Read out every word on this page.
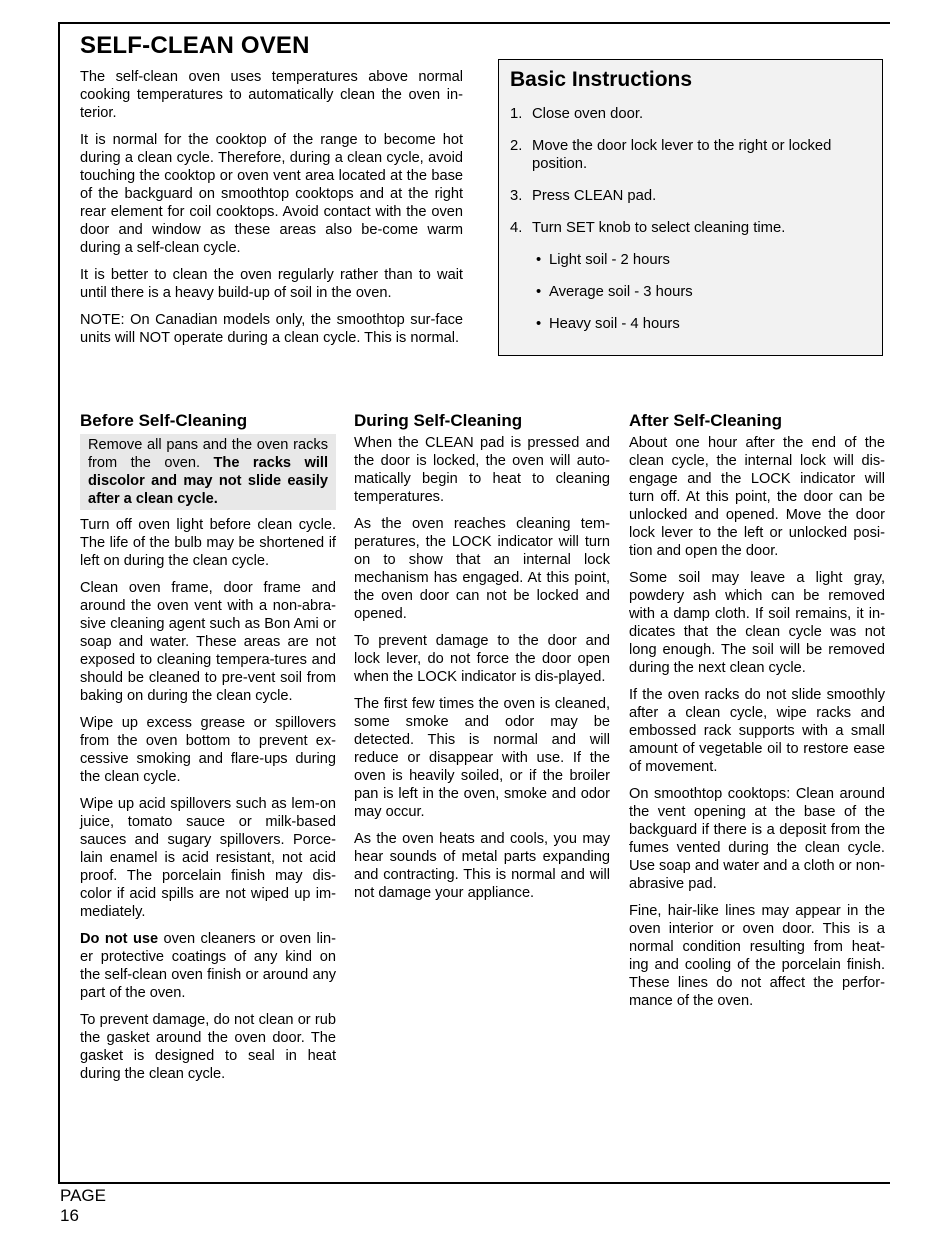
SELF-CLEAN OVEN

The self-clean oven uses temperatures above normal cooking temperatures to automatically clean the oven in-terior.

It is normal for the cooktop of the range to become hot during a clean cycle. Therefore, during a clean cycle, avoid touching the cooktop or oven vent area located at the base of the backguard on smoothtop cooktops and at the right rear element for coil cooktops. Avoid contact with the oven door and window as these areas also be-come warm during a self-clean cycle.

It is better to clean the oven regularly rather than to wait until there is a heavy build-up of soil in the oven.

NOTE: On Canadian models only, the smoothtop sur-face units will NOT operate during a clean cycle. This is normal.

Basic Instructions
1. Close oven door.
2. Move the door lock lever to the right or locked position.
3. Press CLEAN pad.
4. Turn SET knob to select cleaning time.
• Light soil - 2 hours
• Average soil - 3 hours
• Heavy soil - 4 hours
Before Self-Cleaning
Remove all pans and the oven racks from the oven. The racks will discolor and may not slide easily after a clean cycle.

Turn off oven light before clean cycle. The life of the bulb may be shortened if left on during the clean cycle.

Clean oven frame, door frame and around the oven vent with a non-abra-sive cleaning agent such as Bon Ami or soap and water. These areas are not exposed to cleaning tempera-tures and should be cleaned to pre-vent soil from baking on during the clean cycle.

Wipe up excess grease or spillovers from the oven bottom to prevent ex-cessive smoking and flare-ups during the clean cycle.

Wipe up acid spillovers such as lem-on juice, tomato sauce or milk-based sauces and sugary spillovers. Porce-lain enamel is acid resistant, not acid proof. The porcelain finish may dis-color if acid spills are not wiped up im-mediately.

Do not use oven cleaners or oven lin-er protective coatings of any kind on the self-clean oven finish or around any part of the oven.

To prevent damage, do not clean or rub the gasket around the oven door. The gasket is designed to seal in heat during the clean cycle.

During Self-Cleaning

When the CLEAN pad is pressed and the door is locked, the oven will auto-matically begin to heat to cleaning temperatures.

As the oven reaches cleaning tem-peratures, the LOCK indicator will turn on to show that an internal lock mechanism has engaged. At this point, the oven door can not be locked and opened.

To prevent damage to the door and lock lever, do not force the door open when the LOCK indicator is dis-played.

The first few times the oven is cleaned, some smoke and odor may be detected. This is normal and will reduce or disappear with use. If the oven is heavily soiled, or if the broiler pan is left in the oven, smoke and odor may occur.

As the oven heats and cools, you may hear sounds of metal parts expanding and contracting. This is normal and will not damage your appliance.

After Self-Cleaning

About one hour after the end of the clean cycle, the internal lock will dis-engage and the LOCK indicator will turn off. At this point, the door can be unlocked and opened. Move the door lock lever to the left or unlocked posi-tion and open the door.

Some soil may leave a light gray, powdery ash which can be removed with a damp cloth. If soil remains, it in-dicates that the clean cycle was not long enough. The soil will be removed during the next clean cycle.

If the oven racks do not slide smoothly after a clean cycle, wipe racks and embossed rack supports with a small amount of vegetable oil to restore ease of movement.

On smoothtop cooktops: Clean around the vent opening at the base of the backguard if there is a deposit from the fumes vented during the clean cycle. Use soap and water and a cloth or non-abrasive pad.

Fine, hair-like lines may appear in the oven interior or oven door. This is a normal condition resulting from heat-ing and cooling of the porcelain finish. These lines do not affect the perfor-mance of the oven.

PAGE
16
